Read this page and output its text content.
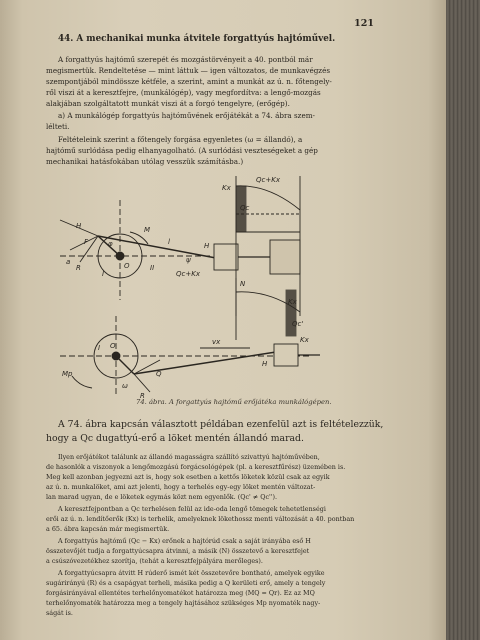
121
44. A mechanikai munka átvitele forgattyús hajtóművel.
A forgattyús hajtómű szerepét és mozgástörvényeit a 40. pontból már
megismertük. Rendeltetése — mint láttuk — igen változatos, de munkavégzés
szempontjából mindössze kétféle, a szerint, amint a munkát az ú. n. főtengely-
ről viszi át a keresztfejre, (munkálógép), vagy megfordítva: a lengő-mozgás
alakjában szolgáltatott munkát viszi át a forgó tengelyre, (erőgép).
a) A munkálógép forgattyús hajtóművének erőjátékát a 74. ábra szem-
lélteti.
Feltételeink szerint a főtengely forgása egyenletes (ω = állandó), a
hajtómű surlódása pedig elhanyagolható. (A surlódási veszteségeket a gép
mechanikai hatásfokában utólag vesszük számításba.)
H
F
R	O
M
a
I
II
l
φ
ψ
H
Qc+Kx
Kx
Qc+Kx
Qc
N
Kx
Qc'
I O
ω
Mp	Q
R
vx
H
Kx
74. ábra. A forgattyús hajtómű erőjátéka munkálógépen.
A 74. ábra kapcsán választott példában ezenfelül azt is feltételezzük,
hogy a Qc dugattyú-erő a löket mentén állandó marad.
Ilyen erőjátékot találunk az állandó magasságra szállító szivattyú hajtóművében,
de hasonlók a viszonyok a lengőmozgású forgácsológépek (pl. a keresztfűrész) üzemében is.
Meg kell azonban jegyezni azt is, hogy sok esetben a kettős löketek közül csak az egyik
az ú. n. munkalöket, ami azt jelenti, hogy a terhelés egy-egy löket mentén változat-
lan marad ugyan, de e löketek egymás közt nem egyenlők. (Qc' ≠ Qc'').
A keresztfejpontban a Qc terhelésen felül az ide-oda lengő tömegek tehetetlenségi
erői az ú. n. lendítőerők (Kx) is terhelik, amelyeknek lökethossz menti változását a 40. pontban
a 65. ábra kapcsán már megismertük.
A forgattyús hajtómű (Qc − Kx) erőnek a hajtórúd csak a saját irányába eső H
összetevőjét tudja a forgattyúcsapra átvinni, a másik (N) összetevő a keresztfejet
a csúszóvezetékhez szorítja, (tehát a keresztfejpályára merőleges).
A forgattyúcsapra átvitt H rúderő ismét két összetevőre bontható, amelyek egyike
sugárirányú (R) és a csapágyat terheli, másika pedig a Q kerületi erő, amely a tengely
forgásirányával ellentétes terhelőnyomatékot határozza meg (MQ = Qr). Ez az MQ
terhelőnyomaték határozza meg a tengely hajtásához szükséges Mp nyomaték nagy-
ságát is.
